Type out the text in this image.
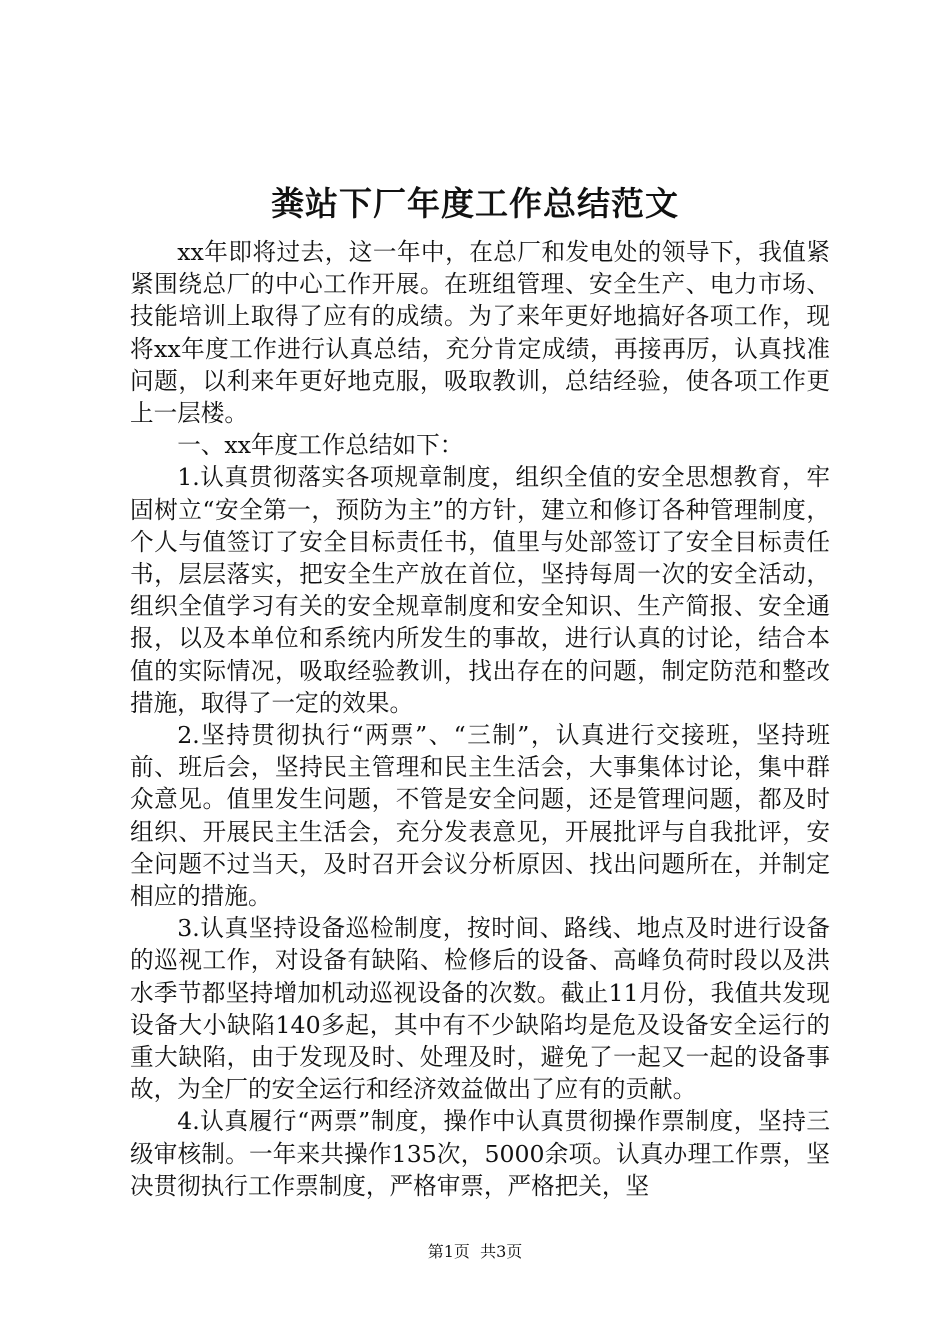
粪站下厂年度工作总结范文

xx年即将过去，这一年中，在总厂和发电处的领导下，我值紧紧围绕总厂的中心工作开展。在班组管理、安全生产、电力市场、技能培训上取得了应有的成绩。为了来年更好地搞好各项工作，现将xx年度工作进行认真总结，充分肯定成绩，再接再厉，认真找准问题，以利来年更好地克服，吸取教训，总结经验，使各项工作更上一层楼。

一、xx年度工作总结如下：

1.认真贯彻落实各项规章制度，组织全值的安全思想教育，牢固树立“安全第一，预防为主”的方针，建立和修订各种管理制度，个人与值签订了安全目标责任书，值里与处部签订了安全目标责任书，层层落实，把安全生产放在首位，坚持每周一次的安全活动，组织全值学习有关的安全规章制度和安全知识、生产简报、安全通报，以及本单位和系统内所发生的事故，进行认真的讨论，结合本值的实际情况，吸取经验教训，找出存在的问题，制定防范和整改措施，取得了一定的效果。

2.坚持贯彻执行“两票”、“三制”，认真进行交接班，坚持班前、班后会，坚持民主管理和民主生活会，大事集体讨论，集中群众意见。值里发生问题，不管是安全问题，还是管理问题，都及时组织、开展民主生活会，充分发表意见，开展批评与自我批评，安全问题不过当天，及时召开会议分析原因、找出问题所在，并制定相应的措施。

3.认真坚持设备巡检制度，按时间、路线、地点及时进行设备的巡视工作，对设备有缺陷、检修后的设备、高峰负荷时段以及洪水季节都坚持增加机动巡视设备的次数。截止11月份，我值共发现设备大小缺陷140多起，其中有不少缺陷均是危及设备安全运行的重大缺陷，由于发现及时、处理及时，避免了一起又一起的设备事故，为全厂的安全运行和经济效益做出了应有的贡献。

4.认真履行“两票”制度，操作中认真贯彻操作票制度，坚持三级审核制。一年来共操作135次，5000余项。认真办理工作票，坚决贯彻执行工作票制度，严格审票，严格把关，坚

第1页 共3页
